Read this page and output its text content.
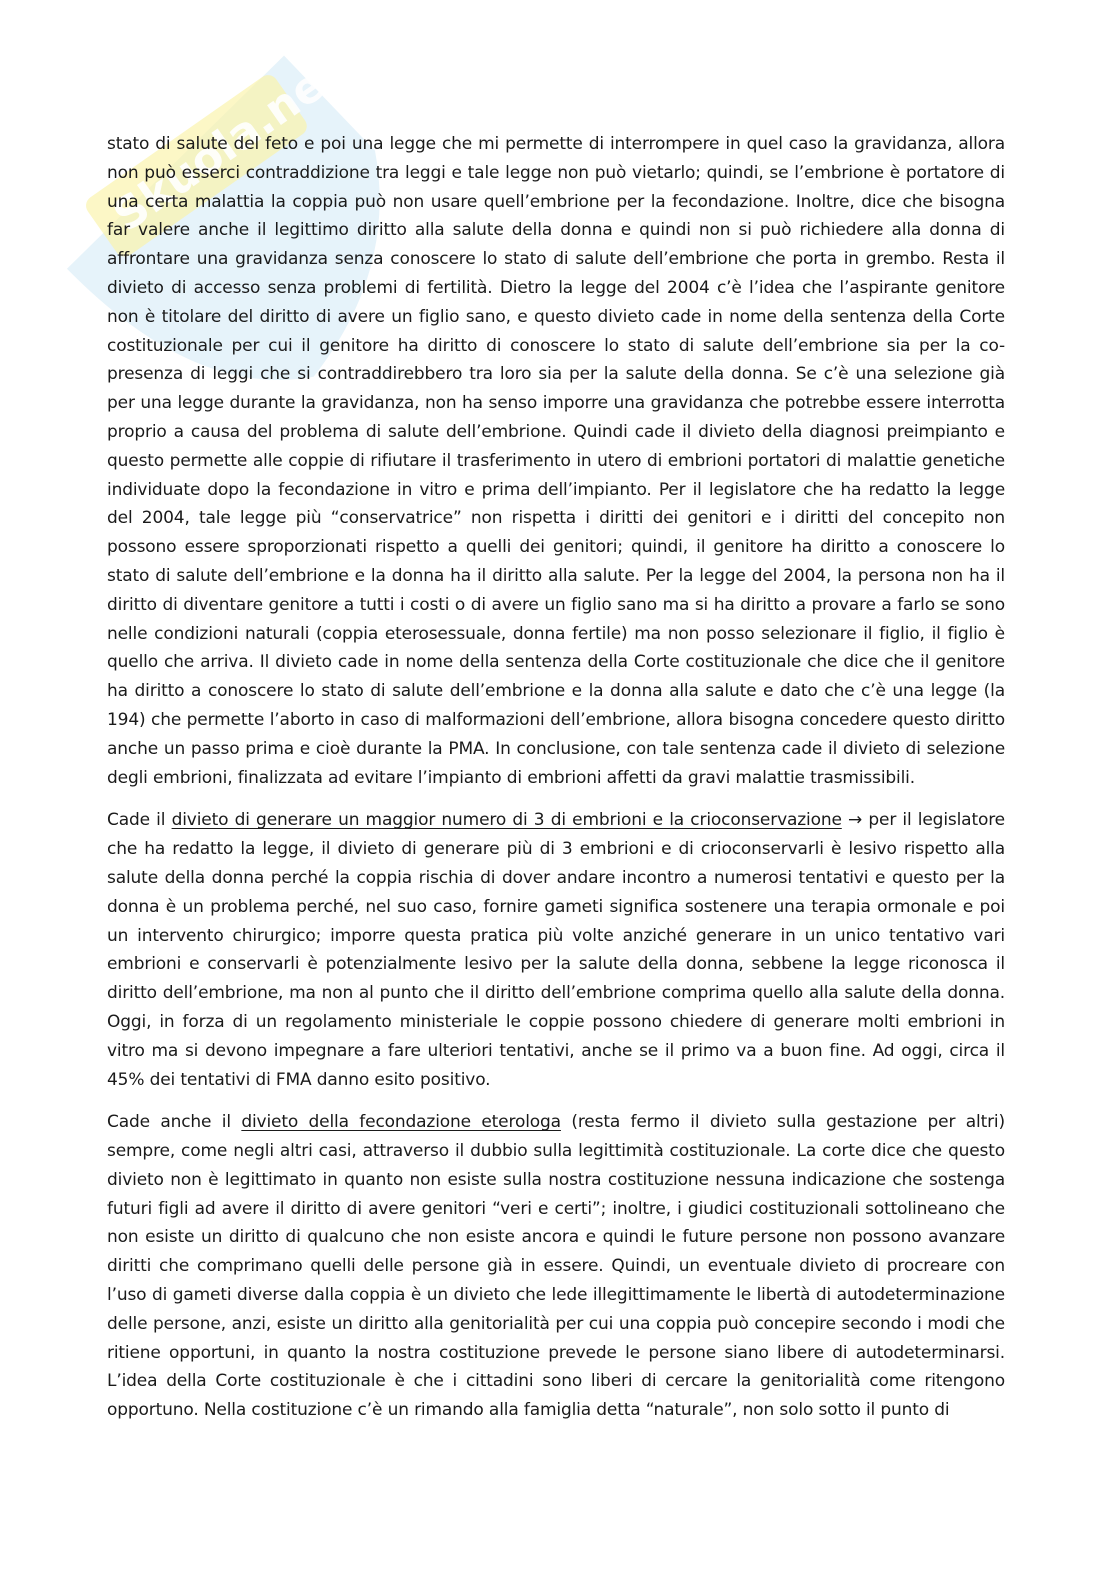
Skuola.net

stato di salute del feto e poi una legge che mi permette di interrompere in quel caso la gravidanza, allora non può esserci contraddizione tra leggi e tale legge non può vietarlo; quindi, se l’embrione è portatore di una certa malattia la coppia può non usare quell’embrione per la fecondazione. Inoltre, dice che bisogna far valere anche il legittimo diritto alla salute della donna e quindi non si può richiedere alla donna di affrontare una gravidanza senza conoscere lo stato di salute dell’embrione che porta in grembo. Resta il divieto di accesso senza problemi di fertilità. Dietro la legge del 2004 c’è l’idea che l’aspirante genitore non è titolare del diritto di avere un figlio sano, e questo divieto cade in nome della sentenza della Corte costituzionale per cui il genitore ha diritto di conoscere lo stato di salute dell’embrione sia per la co-presenza di leggi che si contraddirebbero tra loro sia per la salute della donna. Se c’è una selezione già per una legge durante la gravidanza, non ha senso imporre una gravidanza che potrebbe essere interrotta proprio a causa del problema di salute dell’embrione. Quindi cade il divieto della diagnosi preimpianto e questo permette alle coppie di rifiutare il trasferimento in utero di embrioni portatori di malattie genetiche individuate dopo la fecondazione in vitro e prima dell’impianto. Per il legislatore che ha redatto la legge del 2004, tale legge più “conservatrice” non rispetta i diritti dei genitori e i diritti del concepito non possono essere sproporzionati rispetto a quelli dei genitori; quindi, il genitore ha diritto a conoscere lo stato di salute dell’embrione e la donna ha il diritto alla salute. Per la legge del 2004, la persona non ha il diritto di diventare genitore a tutti i costi o di avere un figlio sano ma si ha diritto a provare a farlo se sono nelle condizioni naturali (coppia eterosessuale, donna fertile) ma non posso selezionare il figlio, il figlio è quello che arriva. Il divieto cade in nome della sentenza della Corte costituzionale che dice che il genitore ha diritto a conoscere lo stato di salute dell’embrione e la donna alla salute e dato che c’è una legge (la 194) che permette l’aborto in caso di malformazioni dell’embrione, allora bisogna concedere questo diritto anche un passo prima e cioè durante la PMA. In conclusione, con tale sentenza cade il divieto di selezione degli embrioni, finalizzata ad evitare l’impianto di embrioni affetti da gravi malattie trasmissibili.

Cade il divieto di generare un maggior numero di 3 di embrioni e la crioconservazione → per il legislatore che ha redatto la legge, il divieto di generare più di 3 embrioni e di crioconservarli è lesivo rispetto alla salute della donna perché la coppia rischia di dover andare incontro a numerosi tentativi e questo per la donna è un problema perché, nel suo caso, fornire gameti significa sostenere una terapia ormonale e poi un intervento chirurgico; imporre questa pratica più volte anziché generare in un unico tentativo vari embrioni e conservarli è potenzialmente lesivo per la salute della donna, sebbene la legge riconosca il diritto dell’embrione, ma non al punto che il diritto dell’embrione comprima quello alla salute della donna. Oggi, in forza di un regolamento ministeriale le coppie possono chiedere di generare molti embrioni in vitro ma si devono impegnare a fare ulteriori tentativi, anche se il primo va a buon fine. Ad oggi, circa il 45% dei tentativi di FMA danno esito positivo.

Cade anche il divieto della fecondazione eterologa (resta fermo il divieto sulla gestazione per altri) sempre, come negli altri casi, attraverso il dubbio sulla legittimità costituzionale. La corte dice che questo divieto non è legittimato in quanto non esiste sulla nostra costituzione nessuna indicazione che sostenga futuri figli ad avere il diritto di avere genitori “veri e certi”; inoltre, i giudici costituzionali sottolineano che non esiste un diritto di qualcuno che non esiste ancora e quindi le future persone non possono avanzare diritti che comprimano quelli delle persone già in essere. Quindi, un eventuale divieto di procreare con l’uso di gameti diverse dalla coppia è un divieto che lede illegittimamente le libertà di autodeterminazione delle persone, anzi, esiste un diritto alla genitorialità per cui una coppia può concepire secondo i modi che ritiene opportuni, in quanto la nostra costituzione prevede le persone siano libere di autodeterminarsi. L’idea della Corte costituzionale è che i cittadini sono liberi di cercare la genitorialità come ritengono opportuno. Nella costituzione c’è un rimando alla famiglia detta “naturale”, non solo sotto il punto di
